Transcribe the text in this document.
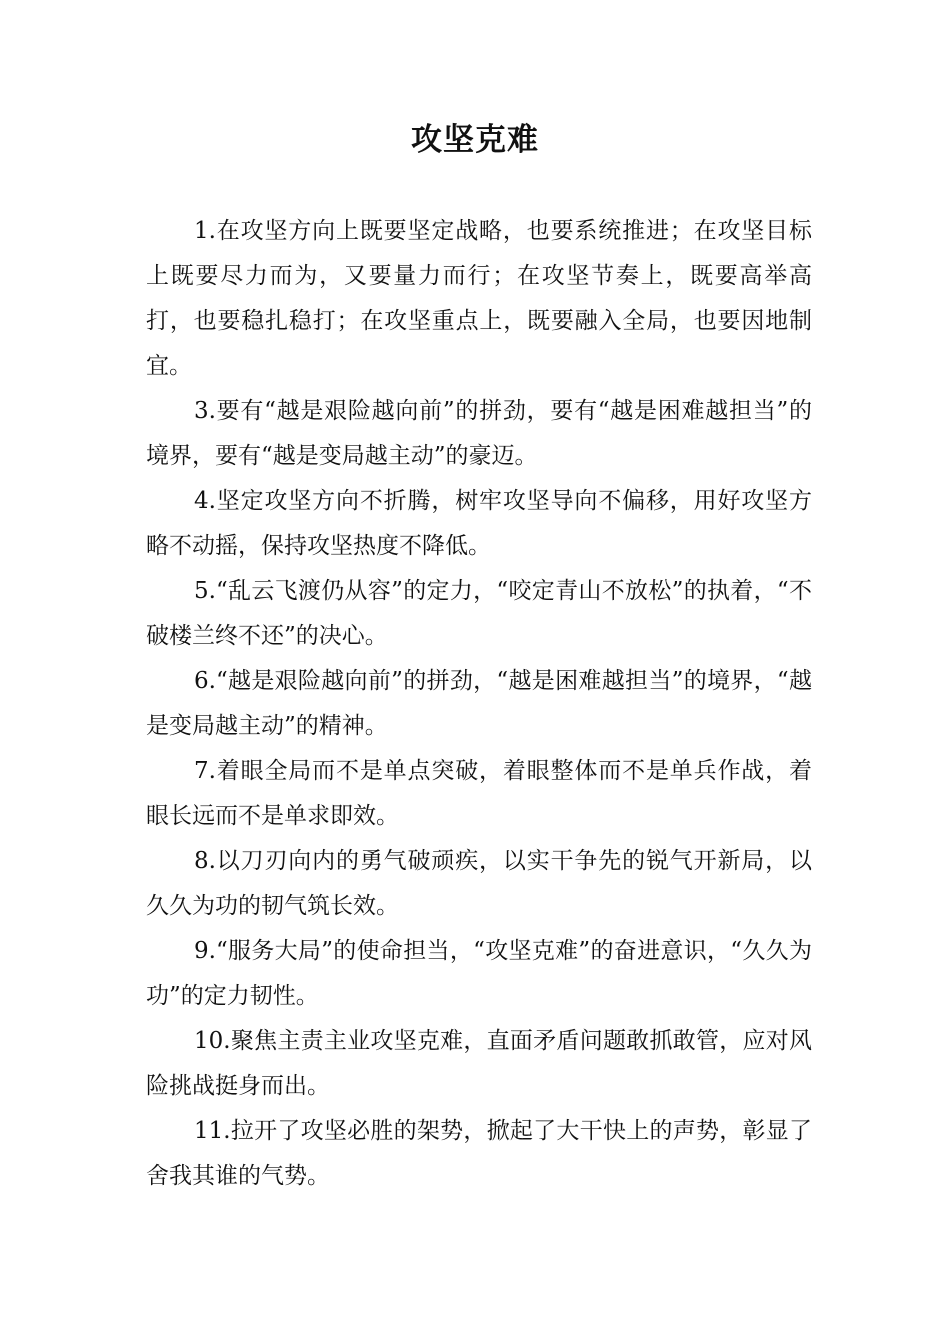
攻坚克难

1.在攻坚方向上既要坚定战略，也要系统推进；在攻坚目标上既要尽力而为，又要量力而行；在攻坚节奏上，既要高举高打，也要稳扎稳打；在攻坚重点上，既要融入全局，也要因地制宜。

3.要有“越是艰险越向前”的拼劲，要有“越是困难越担当”的境界，要有“越是变局越主动”的豪迈。

4.坚定攻坚方向不折腾，树牢攻坚导向不偏移，用好攻坚方略不动摇，保持攻坚热度不降低。

5.“乱云飞渡仍从容”的定力，“咬定青山不放松”的执着，“不破楼兰终不还”的决心。

6.“越是艰险越向前”的拼劲，“越是困难越担当”的境界，“越是变局越主动”的精神。

7.着眼全局而不是单点突破，着眼整体而不是单兵作战，着眼长远而不是单求即效。

8.以刀刃向内的勇气破顽疾，以实干争先的锐气开新局，以久久为功的韧气筑长效。

9.“服务大局”的使命担当，“攻坚克难”的奋进意识，“久久为功”的定力韧性。

10.聚焦主责主业攻坚克难，直面矛盾问题敢抓敢管，应对风险挑战挺身而出。

11.拉开了攻坚必胜的架势，掀起了大干快上的声势，彰显了舍我其谁的气势。
